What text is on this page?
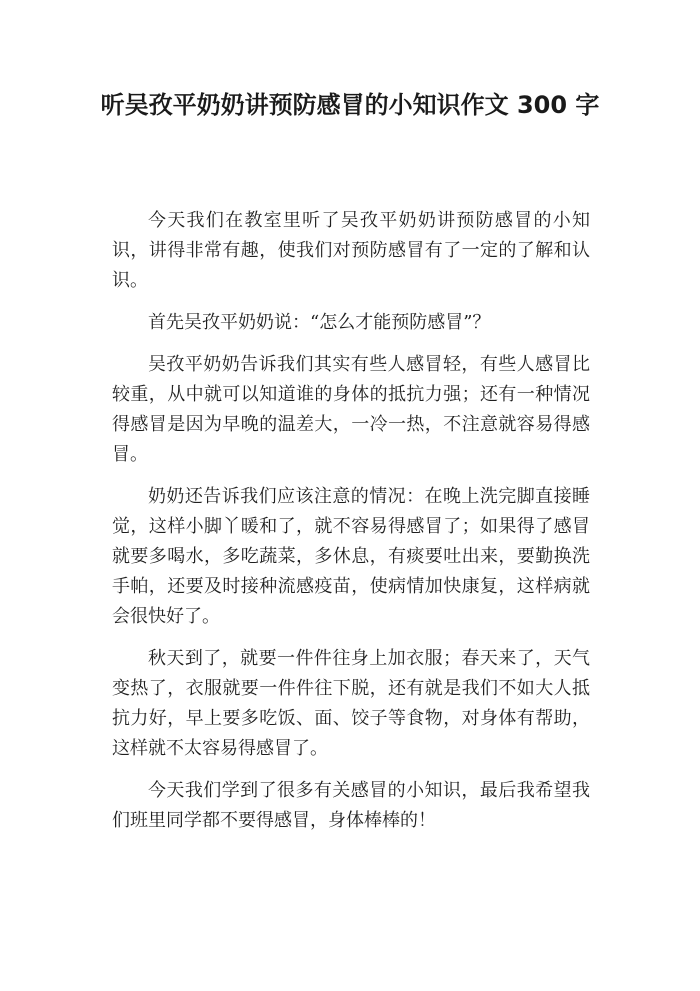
听吴孜平奶奶讲预防感冒的小知识作文 300 字

今天我们在教室里听了吴孜平奶奶讲预防感冒的小知识，讲得非常有趣，使我们对预防感冒有了一定的了解和认识。

首先吴孜平奶奶说：“怎么才能预防感冒”？

吴孜平奶奶告诉我们其实有些人感冒轻，有些人感冒比较重，从中就可以知道谁的身体的抵抗力强；还有一种情况得感冒是因为早晚的温差大，一冷一热，不注意就容易得感冒。

奶奶还告诉我们应该注意的情况：在晚上洗完脚直接睡觉，这样小脚丫暖和了，就不容易得感冒了；如果得了感冒就要多喝水，多吃蔬菜，多休息，有痰要吐出来，要勤换洗手帕，还要及时接种流感疫苗，使病情加快康复，这样病就会很快好了。

秋天到了，就要一件件往身上加衣服；春天来了，天气变热了，衣服就要一件件往下脱，还有就是我们不如大人抵抗力好，早上要多吃饭、面、饺子等食物，对身体有帮助，这样就不太容易得感冒了。

今天我们学到了很多有关感冒的小知识，最后我希望我们班里同学都不要得感冒，身体棒棒的！
